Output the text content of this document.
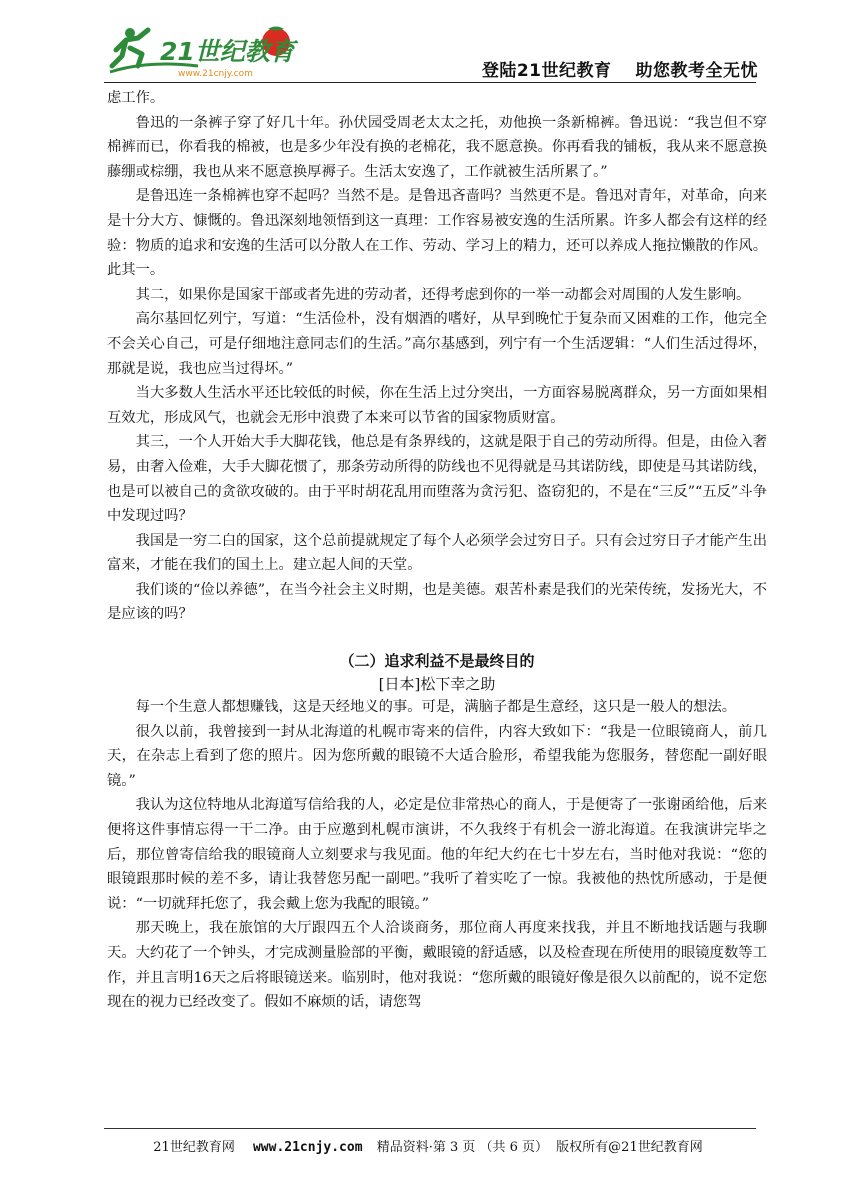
21世纪教育
www.21cnjy.com	登陆21世纪教育 助您教考全无忧

虑工作。

鲁迅的一条裤子穿了好几十年。孙伏园受周老太太之托，劝他换一条新棉裤。鲁迅说：“我岂但不穿棉裤而已，你看我的棉被，也是多少年没有换的老棉花，我不愿意换。你再看我的铺板，我从来不愿意换藤绷或棕绷，我也从来不愿意换厚褥子。生活太安逸了，工作就被生活所累了。”

是鲁迅连一条棉裤也穿不起吗？当然不是。是鲁迅吝啬吗？当然更不是。鲁迅对青年，对革命，向来是十分大方、慷慨的。鲁迅深刻地领悟到这一真理：工作容易被安逸的生活所累。许多人都会有这样的经验：物质的追求和安逸的生活可以分散人在工作、劳动、学习上的精力，还可以养成人拖拉懒散的作风。此其一。

其二，如果你是国家干部或者先进的劳动者，还得考虑到你的一举一动都会对周围的人发生影响。

高尔基回忆列宁，写道：“生活俭朴，没有烟酒的嗜好，从早到晚忙于复杂而又困难的工作，他完全不会关心自己，可是仔细地注意同志们的生活。”高尔基感到，列宁有一个生活逻辑：“人们生活过得坏，那就是说，我也应当过得坏。”

当大多数人生活水平还比较低的时候，你在生活上过分突出，一方面容易脱离群众，另一方面如果相互效尤，形成风气，也就会无形中浪费了本来可以节省的国家物质财富。

其三，一个人开始大手大脚花钱，他总是有条界线的，这就是限于自己的劳动所得。但是，由俭入奢易，由奢入俭难，大手大脚花惯了，那条劳动所得的防线也不见得就是马其诺防线，即使是马其诺防线，也是可以被自己的贪欲攻破的。由于平时胡花乱用而堕落为贪污犯、盗窃犯的，不是在“三反”“五反”斗争中发现过吗？

我国是一穷二白的国家，这个总前提就规定了每个人必须学会过穷日子。只有会过穷日子才能产生出富来，才能在我们的国土上。建立起人间的天堂。

我们谈的“俭以养德”，在当今社会主义时期，也是美德。艰苦朴素是我们的光荣传统，发扬光大，不是应该的吗？

（二）追求利益不是最终目的

[日本]松下幸之助

每一个生意人都想赚钱，这是天经地义的事。可是，满脑子都是生意经，这只是一般人的想法。

很久以前，我曾接到一封从北海道的札幌市寄来的信件，内容大致如下：“我是一位眼镜商人，前几天，在杂志上看到了您的照片。因为您所戴的眼镜不大适合脸形，希望我能为您服务，替您配一副好眼镜。”

我认为这位特地从北海道写信给我的人，必定是位非常热心的商人，于是便寄了一张谢函给他，后来便将这件事情忘得一干二净。由于应邀到札幌市演讲，不久我终于有机会一游北海道。在我演讲完毕之后，那位曾寄信给我的眼镜商人立刻要求与我见面。他的年纪大约在七十岁左右，当时他对我说：“您的眼镜跟那时候的差不多，请让我替您另配一副吧。”我听了着实吃了一惊。我被他的热忱所感动，于是便说：“一切就拜托您了，我会戴上您为我配的眼镜。”

那天晚上，我在旅馆的大厅跟四五个人洽谈商务，那位商人再度来找我，并且不断地找话题与我聊天。大约花了一个钟头，才完成测量脸部的平衡，戴眼镜的舒适感，以及检查现在所使用的眼镜度数等工作，并且言明16天之后将眼镜送来。临别时，他对我说：“您所戴的眼镜好像是很久以前配的，说不定您现在的视力已经改变了。假如不麻烦的话，请您驾

21世纪教育网 www.21cnjy.com 精品资料·第 3 页 （共 6 页） 版权所有@21世纪教育网
